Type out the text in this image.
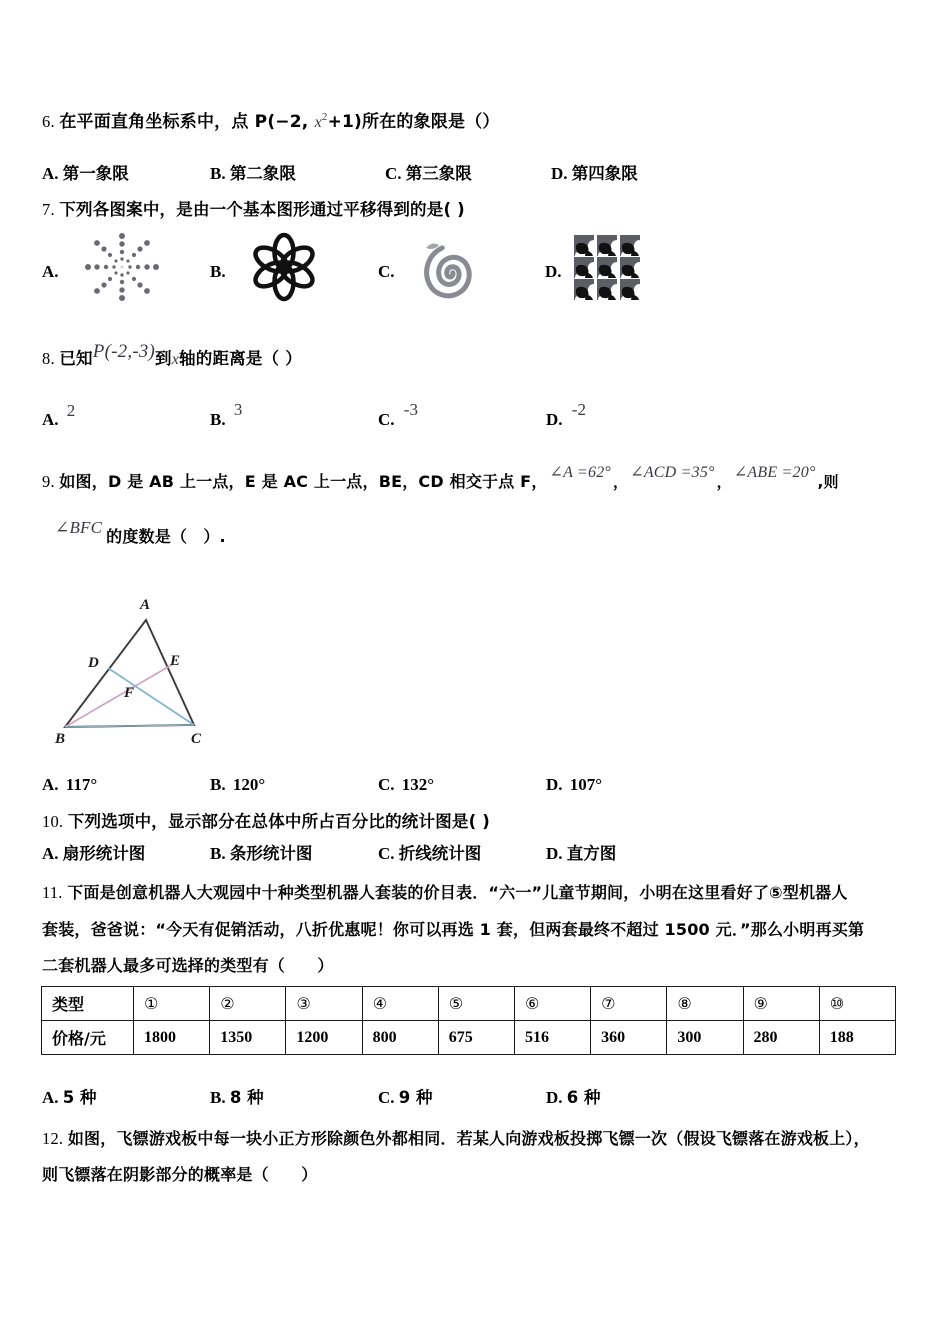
6. 在平面直角坐标系中，点 P(−2, $x^2+1$)所在的象限是（）
A. 第一象限	B. 第二象限	C. 第三象限	D. 第四象限
7. 下列各图案中，是由一个基本图形通过平移得到的是( )
A.	B.	C.	D.
8. 已知P(-2,-3)到x轴的距离是（ ）
A. 2	B. 3
C. -3
D. -2
9. 如图，D 是 AB 上一点，E 是 AC 上一点，BE，CD 相交于点 F， ∠A =62°，∠ACD =35°，∠ABE =20°,则
∠BFC 的度数是（　）.
A
D	E
F
B	C
A. 117°	B. 120°	C. 132°	D. 107°
10. 下列选项中，显示部分在总体中所占百分比的统计图是( )
A. 扇形统计图	B. 条形统计图	C. 折线统计图	D. 直方图
11. 下面是创意机器人大观园中十种类型机器人套装的价目表．“六一”儿童节期间，小明在这里看好了⑤型机器人
套装，爸爸说：“今天有促销活动，八折优惠呢！你可以再选 1 套，但两套最终不超过 1500 元．”那么小明再买第
二套机器人最多可选择的类型有（　　）
类型	①	②	③	④	⑤	⑥	⑦	⑧	⑨	⑩
价格/元	1800	1350	1200	800	675	516	360	300	280	188
A. 5 种	B. 8 种	C. 9 种	D. 6 种
12. 如图，飞镖游戏板中每一块小正方形除颜色外都相同．若某人向游戏板投掷飞镖一次（假设飞镖落在游戏板上），
则飞镖落在阴影部分的概率是（　　）
